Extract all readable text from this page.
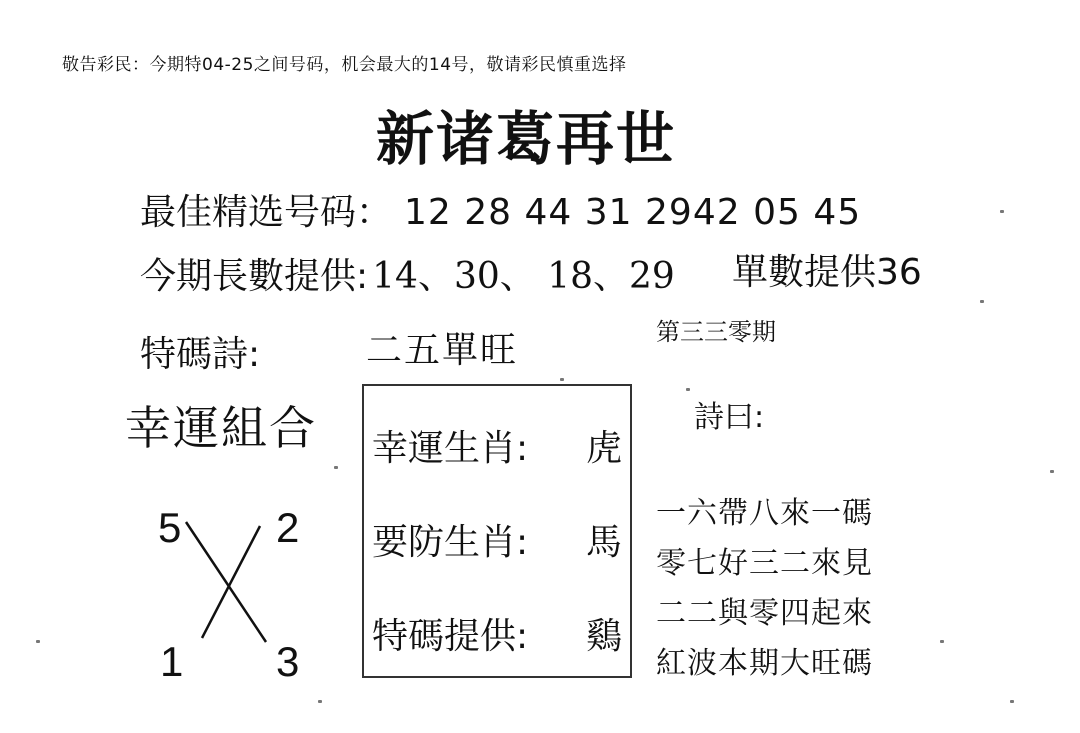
敬告彩民：今期特04-25之间号码，机会最大的14号，敬请彩民慎重选择
新诸葛再世
最佳精选号码： 12 28 44 31 2942 05 45
今期長數提供: 14、30、 18、29 單數提供36
特碼詩:	二五單旺	第三三零期
幸運組合
5 2
1 3
幸運生肖: 虎
要防生肖: 馬
特碼提供: 鷄
詩曰:
一六帶八來一碼
零七好三二來見
二二與零四起來
紅波本期大旺碼
